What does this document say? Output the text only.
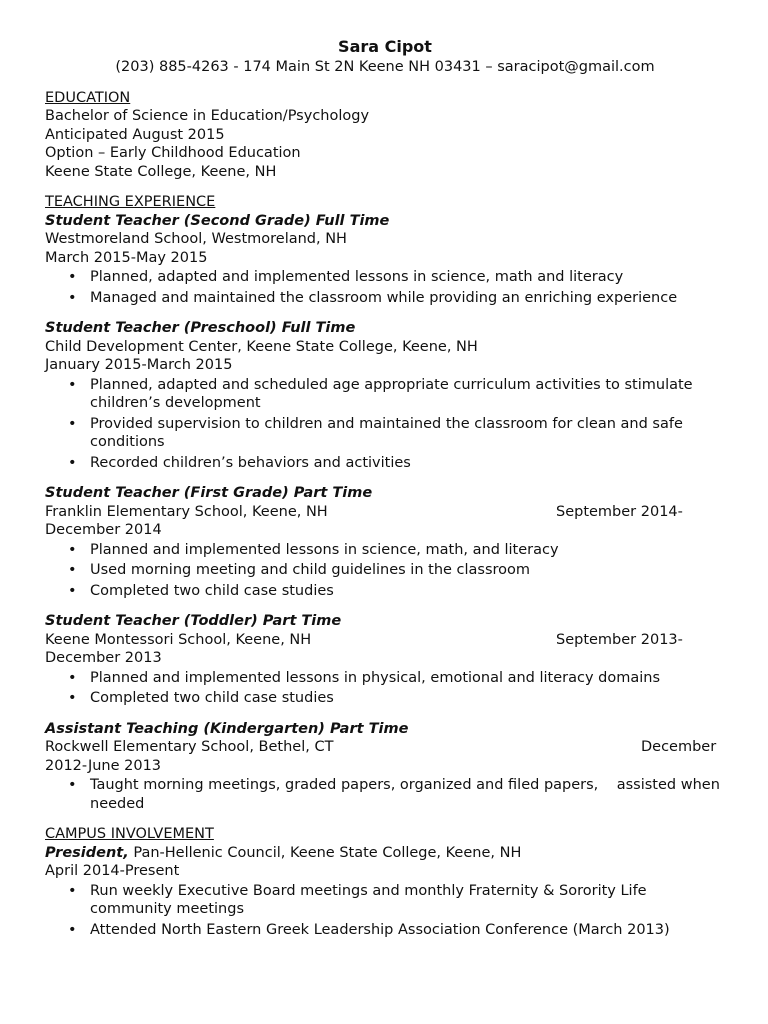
Sara Cipot
(203) 885-4263 - 174 Main St 2N Keene NH 03431 – saracipot@gmail.com
EDUCATION
Bachelor of Science in Education/Psychology
Anticipated August 2015
Option – Early Childhood Education
Keene State College, Keene, NH
TEACHING EXPERIENCE
Student Teacher (Second Grade) Full Time
Westmoreland School, Westmoreland, NH
March 2015-May 2015
• Planned, adapted and implemented lessons in science, math and literacy
• Managed and maintained the classroom while providing an enriching experience
Student Teacher (Preschool) Full Time
Child Development Center, Keene State College, Keene, NH
January 2015-March 2015
• Planned, adapted and scheduled age appropriate curriculum activities to stimulate children’s development
• Provided supervision to children and maintained the classroom for clean and safe conditions
• Recorded children’s behaviors and activities
Student Teacher (First Grade) Part Time
Franklin Elementary School, Keene, NH	September 2014-
December 2014
• Planned and implemented lessons in science, math, and literacy
• Used morning meeting and child guidelines in the classroom
• Completed two child case studies
Student Teacher (Toddler) Part Time
Keene Montessori School, Keene, NH	September 2013-
December 2013
• Planned and implemented lessons in physical, emotional and literacy domains
• Completed two child case studies
Assistant Teaching (Kindergarten) Part Time
Rockwell Elementary School, Bethel, CT	December
2012-June 2013
• Taught morning meetings, graded papers, organized and filed papers,    assisted when needed
CAMPUS INVOLVEMENT
President, Pan-Hellenic Council, Keene State College, Keene, NH
April 2014-Present
• Run weekly Executive Board meetings and monthly Fraternity & Sorority Life community meetings
• Attended North Eastern Greek Leadership Association Conference (March 2013)
